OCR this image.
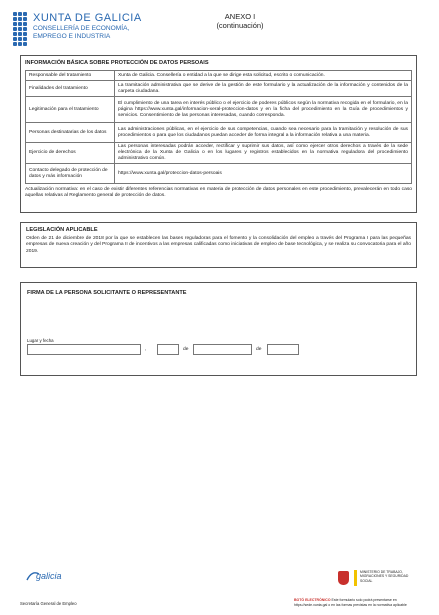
XUNTA DE GALICIA
CONSELLERÍA DE ECONOMÍA,
EMPREGO E INDUSTRIA
ANEXO I
(continuación)
INFORMACIÓN BÁSICA SOBRE PROTECCIÓN DE DATOS PERSOAIS
Responsable del tratamiento	Xunta de Galicia. Consellería o entidad a la que se dirige esta solicitud, escrito o comunicación.
Finalidades del tratamiento	La tramitación administrativa que se derive de la gestión de este formulario y la actualización de la información y contenidos de la carpeta ciudadana.
Legitimación para el tratamiento	El cumplimiento de una tarea en interés público o el ejercicio de poderes públicos según la normativa recogida en el formulario, en la página https://www.xunta.gal/informacion-xeral-proteccion-datos y en la ficha del procedimiento en la Guía de procedimientos y servicios. Consentimiento de las personas interesadas, cuando corresponda.
Personas destinatarias de los datos	Las administraciones públicas, en el ejercicio de sus competencias, cuando sea necesario para la tramitación y resolución de sus procedimientos o para que los ciudadanos puedan acceder de forma integral a la información relativa a una materia.
Ejercicio de derechos	Las personas interesadas podrán acceder, rectificar y suprimir sus datos, así como ejercer otros derechos a través de la sede electrónica de la Xunta de Galicia o en los lugares y registros establecidos en la normativa reguladora del procedimiento administrativo común.
Contacto delegado de protección de datos y más información	https://www.xunta.gal/proteccion-datos-persoais
Actualización normativa: en el caso de existir diferentes referencias normativas en materia de protección de datos personales en este procedimiento, prevalecerán en todo caso aquellas relativas al Reglamento general de protección de datos.
LEGISLACIÓN APLICABLE
Orden de 21 de diciembre de 2018 por la que se establecen las bases reguladoras para el fomento y la consolidación del empleo a través del Programa I para las pequeñas empresas de nueva creación y del Programa II de incentivos a las empresas calificadas como iniciativas de empleo de base tecnológica, y se realiza su convocatoria para el año 2019.
FIRMA DE LA PERSONA SOLICITANTE O REPRESENTANTE
Lugar y fecha
,	de	de
galicia	MINISTERIO DE TRABAJO, MIGRACIONES Y SEGURIDAD SOCIAL
Secretaría General de Empleo
BOTÓ ELECTRÓNICO Este formulario solo podrá presentarse en
https://sede.xunta.gal o en las formas previstas en la normativa aplicable
